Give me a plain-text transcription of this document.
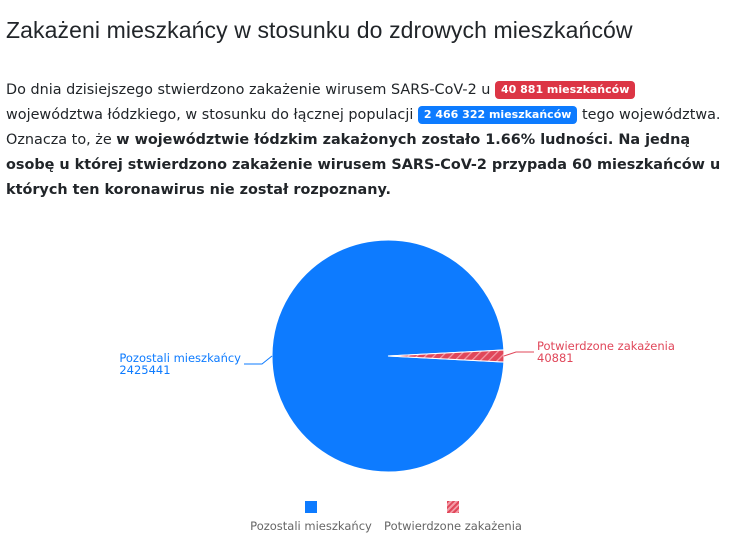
Zakażeni mieszkańcy w stosunku do zdrowych mieszkańców

Do dnia dzisiejszego stwierdzono zakażenie wirusem SARS-CoV-2 u 40 881 mieszkańców województwa łódzkiego, w stosunku do łącznej populacji 2 466 322 mieszkańców tego województwa. Oznacza to, że w województwie łódzkim zakażonych zostało 1.66% ludności. Na jedną osobę u której stwierdzono zakażenie wirusem SARS-CoV-2 przypada 60 mieszkańców u których ten koronawirus nie został rozpoznany.

Potwierdzone zakażenia
40881
Pozostali mieszkańcy
2425441
Pozostali mieszkańcy Potwierdzone zakażenia
